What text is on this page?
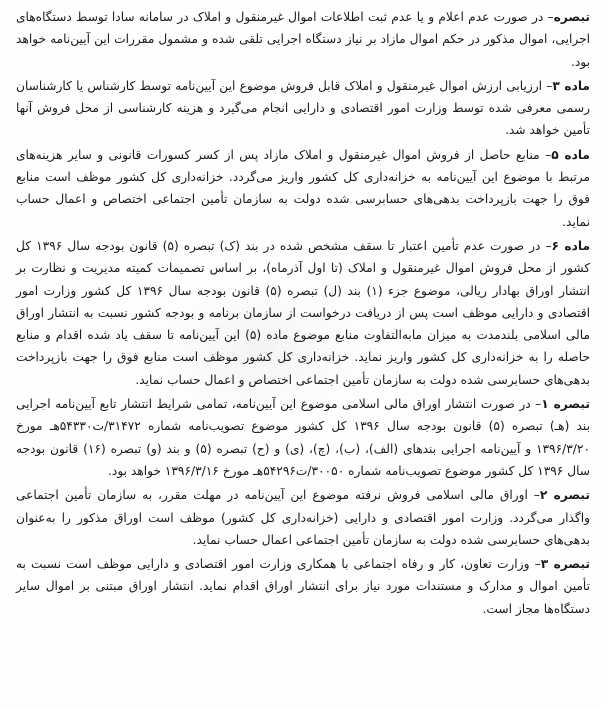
تبصره– در صورت عدم اعلام و یا عدم ثبت اطلاعات اموال غیرمنقول و املاک در سامانه سادا توسط دستگاه‌های اجرایی، اموال مذکور در حکم اموال مازاد بر نیاز دستگاه اجرایی تلقی شده و مشمول مقررات این آیین‌نامه خواهد بود.

ماده ۳– ارزیابی ارزش اموال غیرمنقول و املاک قابل فروش موضوع این آیین‌نامه توسط کارشناس یا کارشناسان رسمی معرفی شده توسط وزارت امور اقتصادی و دارایی انجام می‌گیرد و هزینه کارشناسی از محل فروش آنها تأمین خواهد شد.

ماده ۵– منابع حاصل از فروش اموال غیرمنقول و املاک مازاد پس از کسر کسورات قانونی و سایر هزینه‌های مرتبط با موضوع این آیین‌نامه به خزانه‌داری کل کشور واریز می‌گردد. خزانه‌داری کل کشور موظف است منابع فوق را جهت بازپرداخت بدهی‌های حسابرسی شده دولت به سازمان تأمین اجتماعی اختصاص و اعمال حساب نماید.

ماده ۶– در صورت عدم تأمین اعتبار تا سقف مشخص شده در بند (ک) تبصره (۵) قانون بودجه سال ۱۳۹۶ کل کشور از محل فروش اموال غیرمنقول و املاک (تا اول آذرماه)، بر اساس تصمیمات کمیته مدیریت و نظارت بر انتشار اوراق بهادار ریالی، موضوع جزء (۱) بند (ل) تبصره (۵) قانون بودجه سال ۱۳۹۶ کل کشور وزارت امور اقتصادی و دارایی موظف است پس از دریافت درخواست از سازمان برنامه و بودجه کشور نسبت به انتشار اوراق مالی اسلامی بلندمدت به میزان مابه‌التفاوت منابع موضوع ماده (۵) این آیین‌نامه تا سقف یاد شده اقدام و منابع حاصله را به خزانه‌داری کل کشور واریز نماید. خزانه‌داری کل کشور موظف است منابع فوق را جهت بازپرداخت بدهی‌های حسابرسی شده دولت به سازمان تأمین اجتماعی اختصاص و اعمال حساب نماید.

تبصره ۱– در صورت انتشار اوراق مالی اسلامی موضوع این آیین‌نامه، تمامی شرایط انتشار تابع آیین‌نامه اجرایی بند (هـ) تبصره (۵) قانون بودجه سال ۱۳۹۶ کل کشور موضوع تصویب‌نامه شماره ۳۱۴۷۲/ت۵۴۳۳۰هـ مورخ ۱۳۹۶/۳/۲۰ و آیین‌نامه اجرایی بندهای (الف)، (ب)، (چ)، (ی) و (ح) تبصره (۵) و بند (و) تبصره (۱۶) قانون بودجه سال ۱۳۹۶ کل کشور موضوع تصویب‌نامه شماره ۳۰۰۵۰/ت۵۴۲۹۶هـ مورخ ۱۳۹۶/۳/۱۶ خواهد بود.

تبصره ۲– اوراق مالی اسلامی فروش نرفته موضوع این آیین‌نامه در مهلت مقرر، به سازمان تأمین اجتماعی واگذار می‌گردد. وزارت امور اقتصادی و دارایی (خزانه‌داری کل کشور) موظف است اوراق مذکور را به‌عنوان بدهی‌های حسابرسی شده دولت به سازمان تأمین اجتماعی اعمال حساب نماید.

تبصره ۳– وزارت تعاون، کار و رفاه اجتماعی با همکاری وزارت امور اقتصادی و دارایی موظف است نسبت به تأمین اموال و مدارک و مستندات مورد نیاز برای انتشار اوراق اقدام نماید. انتشار اوراق مبتنی بر اموال سایر دستگاه‌ها مجاز است.
